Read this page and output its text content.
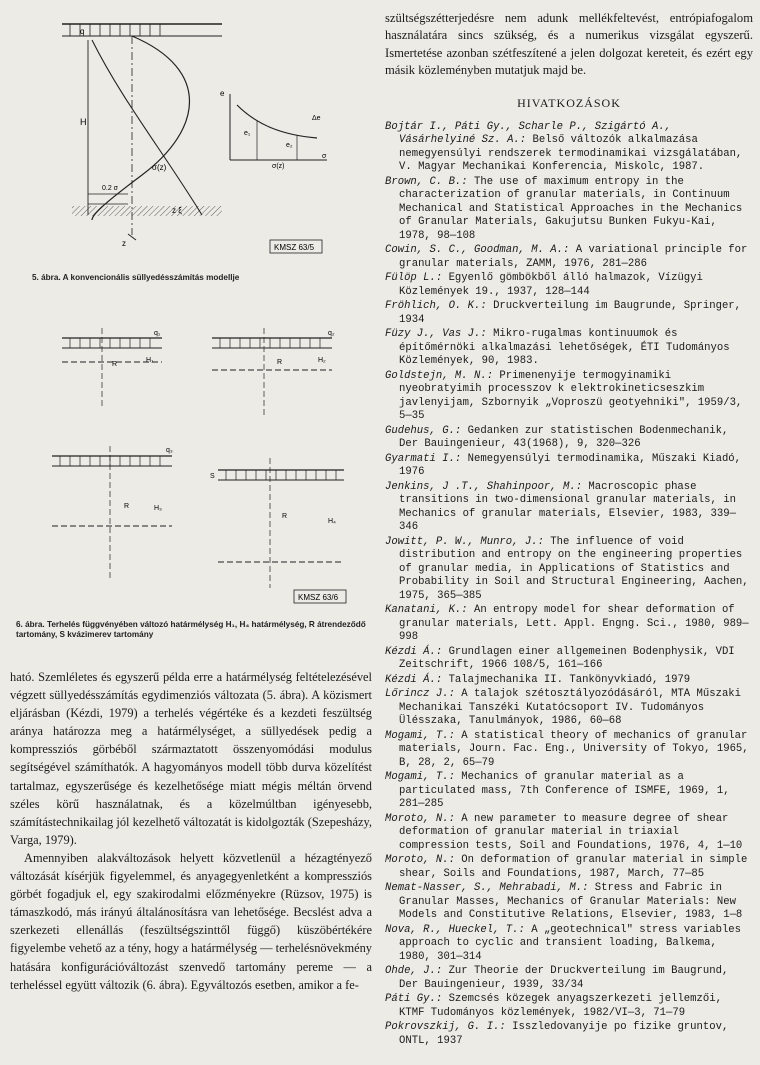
q
H
σ(z)
0.2 σ
z ξ
z
e
e₁
e₂
Δe
σ
σ(z)
KMSZ 63/5
5. ábra. A konvencionális süllyedésszámítás modellje
q₁
R
H₁
q₂
R	H₂
q₃
R	H₃
S
R
H₄
KMSZ 63/6
6. ábra. Terhelés függvényében változó határmélység H₁, H₄ határmélység, R átrendeződő tartomány, S kvázimerev tartomány

ható. Szemléletes és egyszerű példa erre a határmélység feltételezésével végzett süllyedésszámítás egydimenziós változata (5. ábra). A közismert eljárásban (Kézdi, 1979) a terhelés végértéke és a kezdeti feszültség aránya határozza meg a határmélységet, a süllyedések pedig a kompressziós görbéből származtatott összenyomódási modulus segítségével számíthatók. A hagyományos modell több durva közelítést tartalmaz, egyszerűsége és kezelhetősége miatt mégis méltán örvend széles körű használatnak, és a közelmúltban igényesebb, számítástechnikailag jól kezelhető változatát is kidolgozták (Szepesházy, Varga, 1979).

Amennyiben alakváltozások helyett közvetlenül a hézagtényező változását kísérjük figyelemmel, és anyagegyenletként a kompressziós görbét fogadjuk el, egy szakirodalmi előzményekre (Rüzsov, 1975) is támaszkodó, más irányú általánosításra van lehetősége. Becslést adva a szerkezeti ellenállás (feszültségszinttől függő) küszöbértékére figyelembe vehető az a tény, hogy a határmélység — terhelésnövekmény hatására konfigurációváltozást szenvedő tartomány pereme — a terheléssel együtt változik (6. ábra). Egyváltozós esetben, amikor a fe-

szültségszétterjedésre nem adunk mellékfeltevést, entrópiafogalom használatára sincs szükség, és a numerikus vizsgálat egyszerű. Ismertetése azonban szétfeszítené a jelen dolgozat kereteit, és ezért egy másik közleményben mutatjuk majd be.
HIVATKOZÁSOK
Bojtár I., Páti Gy., Scharle P., Szigártó A., Vásárhelyiné Sz. A.: Belső változók alkalmazása nemegyensúlyi rendszerek termodinamikai vizsgálatában, V. Magyar Mechanikai Konferencia, Miskolc, 1987.
Brown, C. B.: The use of maximum entropy in the characterization of granular materials, in Continuum Mechanical and Statistical Approaches in the Mechanics of Granular Materials, Gakujutsu Bunken Fukyu-Kai, 1978, 98—108
Cowin, S. C., Goodman, M. A.: A variational principle for granular materials, ZAMM, 1976, 281—286
Fülöp L.: Egyenlő gömbökből álló halmazok, Vízügyi Közlemények 19., 1937, 128—144
Fröhlich, O. K.: Druckverteilung im Baugrunde, Springer, 1934
Füzy J., Vas J.: Mikro-rugalmas kontinuumok és építőmérnöki alkalmazási lehetőségek, ÉTI Tudományos Közlemények, 90, 1983.
Goldstejn, M. N.: Primenenyije termogyinamiki nyeobratyimih processzov k elektrokineticseszkim javlenyijam, Szbornyik „Voproszü geotyehniki", 1959/3, 5—35
Gudehus, G.: Gedanken zur statistischen Bodenmechanik, Der Bauingenieur, 43(1968), 9, 320—326
Gyarmati I.: Nemegyensúlyi termodinamika, Műszaki Kiadó, 1976
Jenkins, J .T., Shahinpoor, M.: Macroscopic phase transitions in two-dimensional granular materials, in Mechanics of granular materials, Elsevier, 1983, 339—346
Jowitt, P. W., Munro, J.: The influence of void distribution and entropy on the engineering properties of granular media, in Applications of Statistics and Probability in Soil and Structural Engineering, Aachen, 1975, 365—385
Kanatani, K.: An entropy model for shear deformation of granular materials, Lett. Appl. Engng. Sci., 1980, 989—998
Kézdi Á.: Grundlagen einer allgemeinen Bodenphysik, VDI Zeitschrift, 1966 108/5, 161—166
Kézdi Á.: Talajmechanika II. Tankönyvkiadó, 1979
Lőrincz J.: A talajok szétosztályozódásáról, MTA Műszaki Mechanikai Tanszéki Kutatócsoport IV. Tudományos Ülésszaka, Tanulmányok, 1986, 60—68
Mogami, T.: A statistical theory of mechanics of granular materials, Journ. Fac. Eng., University of Tokyo, 1965, B, 28, 2, 65—79
Mogami, T.: Mechanics of granular material as a particulated mass, 7th Conference of ISMFE, 1969, 1, 281—285
Moroto, N.: A new parameter to measure degree of shear deformation of granular material in triaxial compression tests, Soil and Foundations, 1976, 4, 1—10
Moroto, N.: On deformation of granular material in simple shear, Soils and Foundations, 1987, March, 77—85
Nemat-Nasser, S., Mehrabadi, M.: Stress and Fabric in Granular Masses, Mechanics of Granular Materials: New Models and Constitutive Relations, Elsevier, 1983, 1—8
Nova, R., Hueckel, T.: A „geotechnical" stress variables approach to cyclic and transient loading, Balkema, 1980, 301—314
Ohde, J.: Zur Theorie der Druckverteilung im Baugrund, Der Bauingenieur, 1939, 33/34
Páti Gy.: Szemcsés közegek anyagszerkezeti jellemzői, KTMF Tudományos közlemények, 1982/VI—3, 71—79
Pokrovszkij, G. I.: Isszledovanyije po fizike gruntov, ONTL, 1937
